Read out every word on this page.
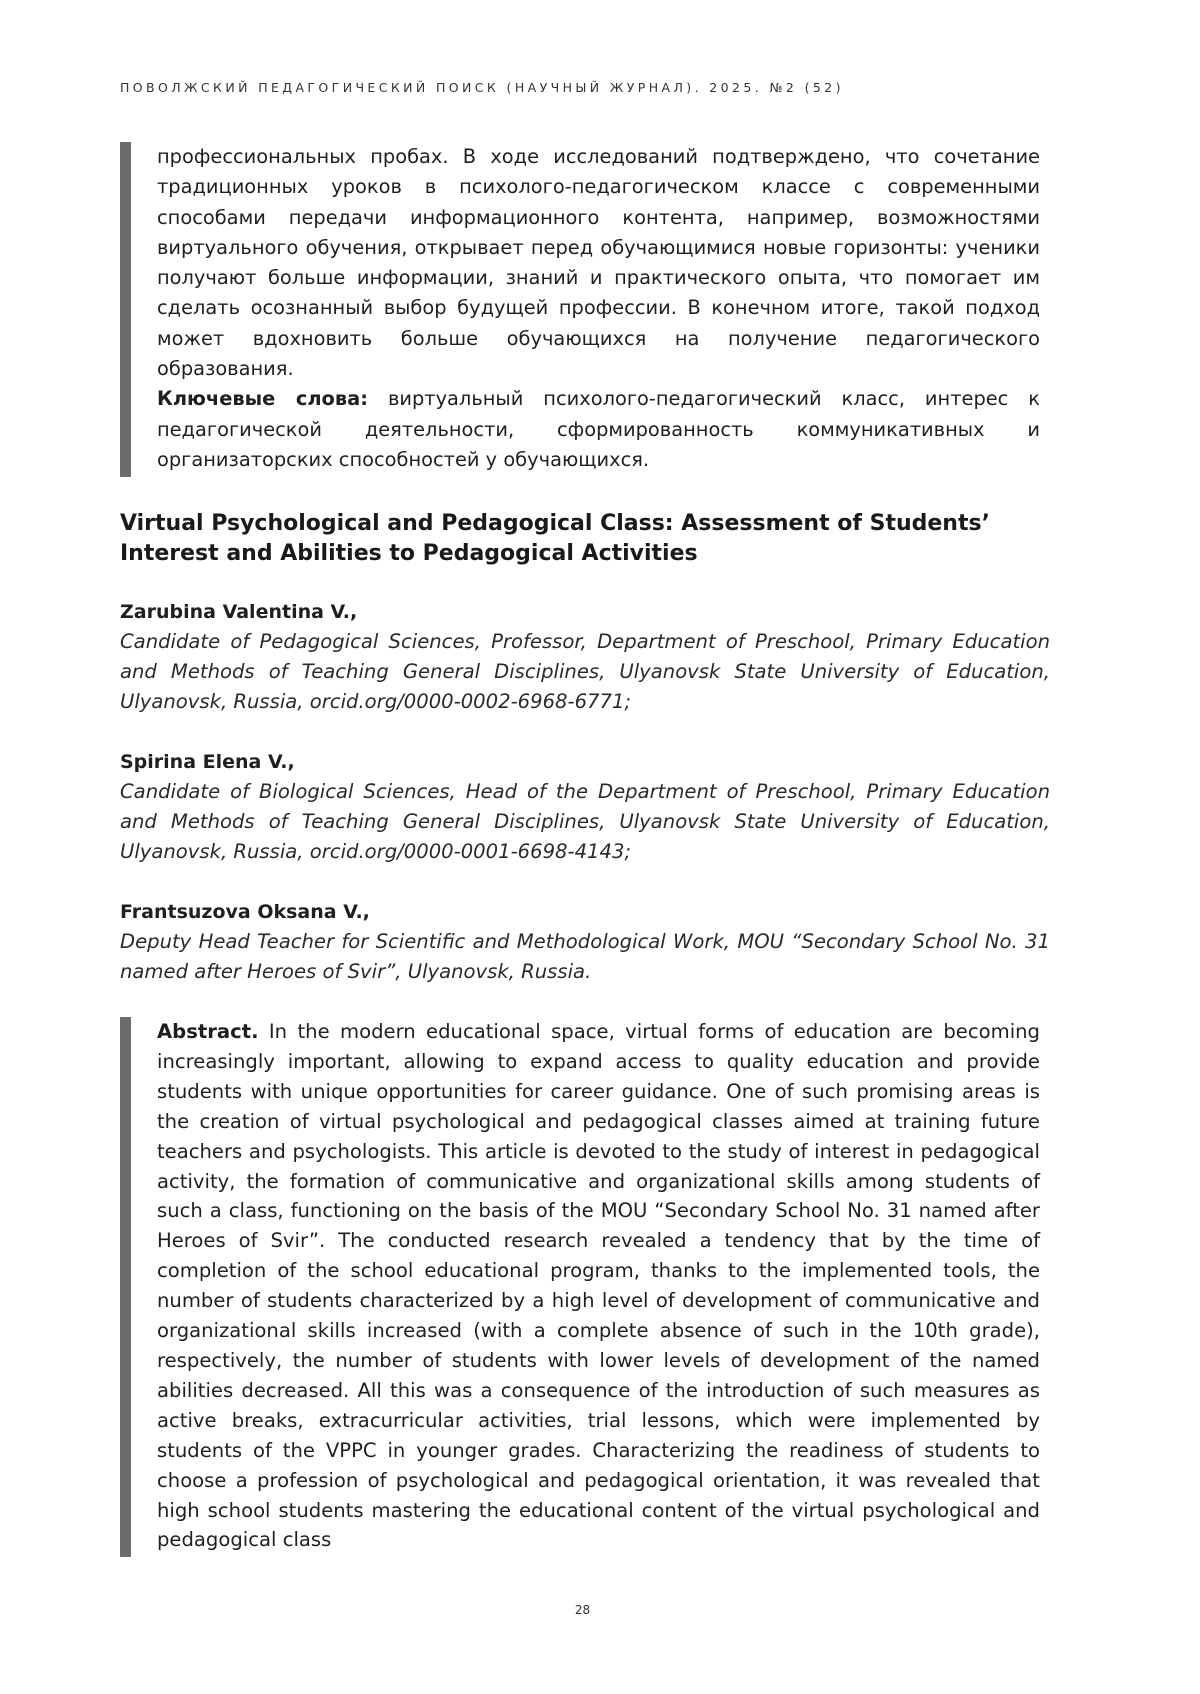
ПОВОЛЖСКИЙ ПЕДАГОГИЧЕСКИЙ ПОИСК (НАУЧНЫЙ ЖУРНАЛ). 2025. №2 (52)

профессиональных пробах. В ходе исследований подтверждено, что сочетание традиционных уроков в психолого-педагогическом классе с современными способами передачи информационного контента, например, возможностями виртуального обучения, открывает перед обучающимися новые горизонты: ученики получают больше информации, знаний и практического опыта, что помогает им сделать осознанный выбор будущей профессии. В конечном итоге, такой подход может вдохновить больше обучающихся на получение педагогического образования.

Ключевые слова: виртуальный психолого-педагогический класс, интерес к педагогической деятельности, сформированность коммуникативных и организаторских способностей у обучающихся.

Virtual Psychological and Pedagogical Class: Assessment of Students’ Interest and Abilities to Pedagogical Activities

Zarubina Valentina V.,

Candidate of Pedagogical Sciences, Professor, Department of Preschool, Primary Education and Methods of Teaching General Disciplines, Ulyanovsk State University of Education, Ulyanovsk, Russia, orcid.org/0000-0002-6968-6771;

Spirina Elena V.,

Candidate of Biological Sciences, Head of the Department of Preschool, Primary Education and Methods of Teaching General Disciplines, Ulyanovsk State University of Education, Ulyanovsk, Russia, orcid.org/0000-0001-6698-4143;

Frantsuzova Oksana V.,

Deputy Head Teacher for Scientific and Methodological Work, MOU “Secondary School No. 31 named after Heroes of Svir”, Ulyanovsk, Russia.

Abstract. In the modern educational space, virtual forms of education are becoming increasingly important, allowing to expand access to quality education and provide students with unique opportunities for career guidance. One of such promising areas is the creation of virtual psychological and pedagogical classes aimed at training future teachers and psychologists. This article is devoted to the study of interest in pedagogical activity, the formation of communicative and organizational skills among students of such a class, functioning on the basis of the MOU “Secondary School No. 31 named after Heroes of Svir”. The conducted research revealed a tendency that by the time of completion of the school educational program, thanks to the implemented tools, the number of students characterized by a high level of development of communicative and organizational skills increased (with a complete absence of such in the 10th grade), respectively, the number of students with lower levels of development of the named abilities decreased. All this was a consequence of the introduction of such measures as active breaks, extracurricular activities, trial lessons, which were implemented by students of the VPPC in younger grades. Characterizing the readiness of students to choose a profession of psychological and pedagogical orientation, it was revealed that high school students mastering the educational content of the virtual psychological and pedagogical class

28
